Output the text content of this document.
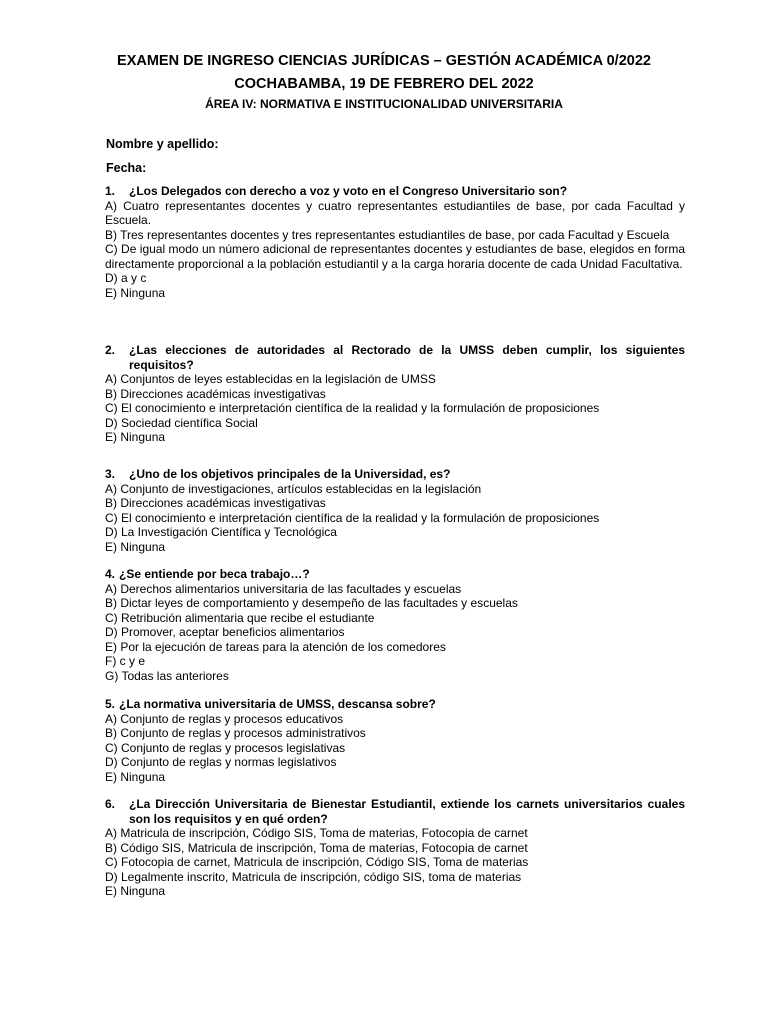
EXAMEN DE INGRESO CIENCIAS JURÍDICAS – GESTIÓN ACADÉMICA 0/2022
COCHABAMBA, 19 DE FEBRERO DEL 2022
ÁREA IV: NORMATIVA E INSTITUCIONALIDAD UNIVERSITARIA
Nombre y apellido:
Fecha:
1.	¿Los Delegados con derecho a voz y voto en el Congreso Universitario son?
A) Cuatro representantes docentes y cuatro representantes estudiantiles de base, por cada Facultad y Escuela.
B) Tres representantes docentes y tres representantes estudiantiles de base, por cada Facultad y Escuela
C) De igual modo un número adicional de representantes docentes y estudiantes de base, elegidos en forma directamente proporcional a la población estudiantil y a la carga horaria docente de cada Unidad Facultativa.
D) a y c
E) Ninguna
2.	¿Las elecciones de autoridades al Rectorado de la UMSS deben cumplir, los siguientes requisitos?
A) Conjuntos de leyes establecidas en la legislación de UMSS
B) Direcciones académicas investigativas
C) El conocimiento e interpretación científica de la realidad y la formulación de proposiciones
D) Sociedad científica Social
E) Ninguna
3.	¿Uno de los objetivos principales de la Universidad, es?
A) Conjunto de investigaciones, artículos establecidas en la legislación
B) Direcciones académicas investigativas
C) El conocimiento e interpretación científica de la realidad y la formulación de proposiciones
D) La Investigación Científica y Tecnológica
E) Ninguna
4. ¿Se entiende por beca trabajo…?
A) Derechos alimentarios universitaria de las facultades y escuelas
B) Dictar leyes de comportamiento y desempeño de las facultades y escuelas
C) Retribución alimentaria que recibe el estudiante
D) Promover, aceptar beneficios alimentarios
E) Por la ejecución de tareas para la atención de los comedores
F) c y e
G) Todas las anteriores
5. ¿La normativa universitaria de UMSS, descansa sobre?
A) Conjunto de reglas y procesos educativos
B) Conjunto de reglas y procesos administrativos
C) Conjunto de reglas y procesos legislativas
D) Conjunto de reglas y normas legislativos
E) Ninguna
6.	¿La Dirección Universitaria de Bienestar Estudiantil, extiende los carnets universitarios cuales son los requisitos y en qué orden?
A) Matricula de inscripción, Código SIS, Toma de materias, Fotocopia de carnet
B) Código SIS, Matricula de inscripción, Toma de materias, Fotocopia de carnet
C) Fotocopia de carnet, Matricula de inscripción, Código SIS, Toma de materias
D) Legalmente inscrito, Matricula de inscripción, código SIS, toma de materias
E) Ninguna
